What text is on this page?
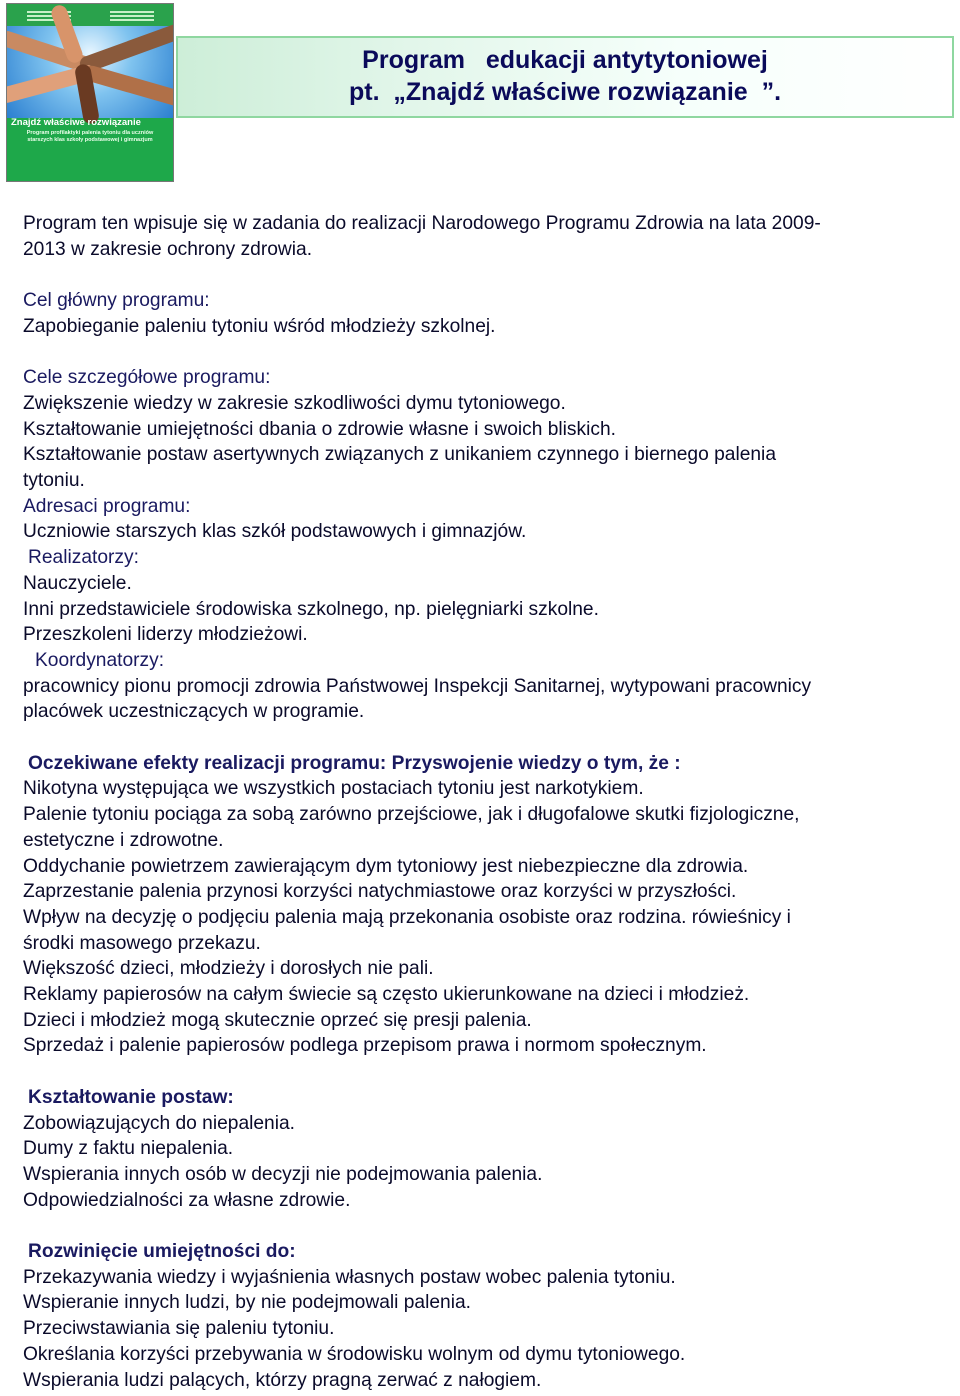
Znajdź właściwe rozwiązanie
Program profilaktyki palenia tytoniu dla uczniów starszych klas szkoły podstawowej i gimnazjum
Program   edukacji antytytoniowej
pt.  „Znajdź właściwe rozwiązanie  ”.

Program ten wpisuje się w zadania do realizacji Narodowego Programu Zdrowia na lata 2009-

2013 w zakresie ochrony zdrowia.

Cel główny programu:

Zapobieganie paleniu tytoniu wśród młodzieży szkolnej.

Cele szczegółowe programu:

Zwiększenie wiedzy w zakresie szkodliwości dymu tytoniowego.

Kształtowanie umiejętności dbania o zdrowie własne i swoich bliskich.

Kształtowanie postaw asertywnych związanych z unikaniem czynnego i biernego palenia

tytoniu.

Adresaci programu:

Uczniowie starszych klas szkół podstawowych i gimnazjów.

Realizatorzy:

Nauczyciele.

Inni przedstawiciele środowiska szkolnego, np. pielęgniarki szkolne.

Przeszkoleni liderzy młodzieżowi.

Koordynatorzy:

pracownicy pionu promocji zdrowia Państwowej Inspekcji Sanitarnej, wytypowani pracownicy

placówek uczestniczących w programie.

Oczekiwane efekty realizacji programu: Przyswojenie wiedzy o tym, że :

Nikotyna występująca we wszystkich postaciach tytoniu jest narkotykiem.

Palenie tytoniu pociąga za sobą zarówno przejściowe, jak i długofalowe skutki fizjologiczne,

estetyczne i zdrowotne.

Oddychanie powietrzem zawierającym dym tytoniowy jest niebezpieczne dla zdrowia.

Zaprzestanie palenia przynosi korzyści natychmiastowe oraz korzyści w przyszłości.

Wpływ na decyzję o podjęciu palenia mają przekonania osobiste oraz rodzina. rówieśnicy i

środki masowego przekazu.

Większość dzieci, młodzieży i dorosłych nie pali.

Reklamy papierosów na całym świecie są często ukierunkowane na dzieci i młodzież.

Dzieci i młodzież mogą skutecznie oprzeć się presji palenia.

Sprzedaż i palenie papierosów podlega przepisom prawa i normom społecznym.

Kształtowanie postaw:

Zobowiązujących do niepalenia.

Dumy z faktu niepalenia.

Wspierania innych osób w decyzji nie podejmowania palenia.

Odpowiedzialności za własne zdrowie.

Rozwinięcie umiejętności do:

Przekazywania wiedzy i wyjaśnienia własnych postaw wobec palenia tytoniu.

Wspieranie innych ludzi, by nie podejmowali palenia.

Przeciwstawiania się paleniu tytoniu.

Określania korzyści przebywania w środowisku wolnym od dymu tytoniowego.

Wspierania ludzi palących, którzy pragną zerwać z nałogiem.
